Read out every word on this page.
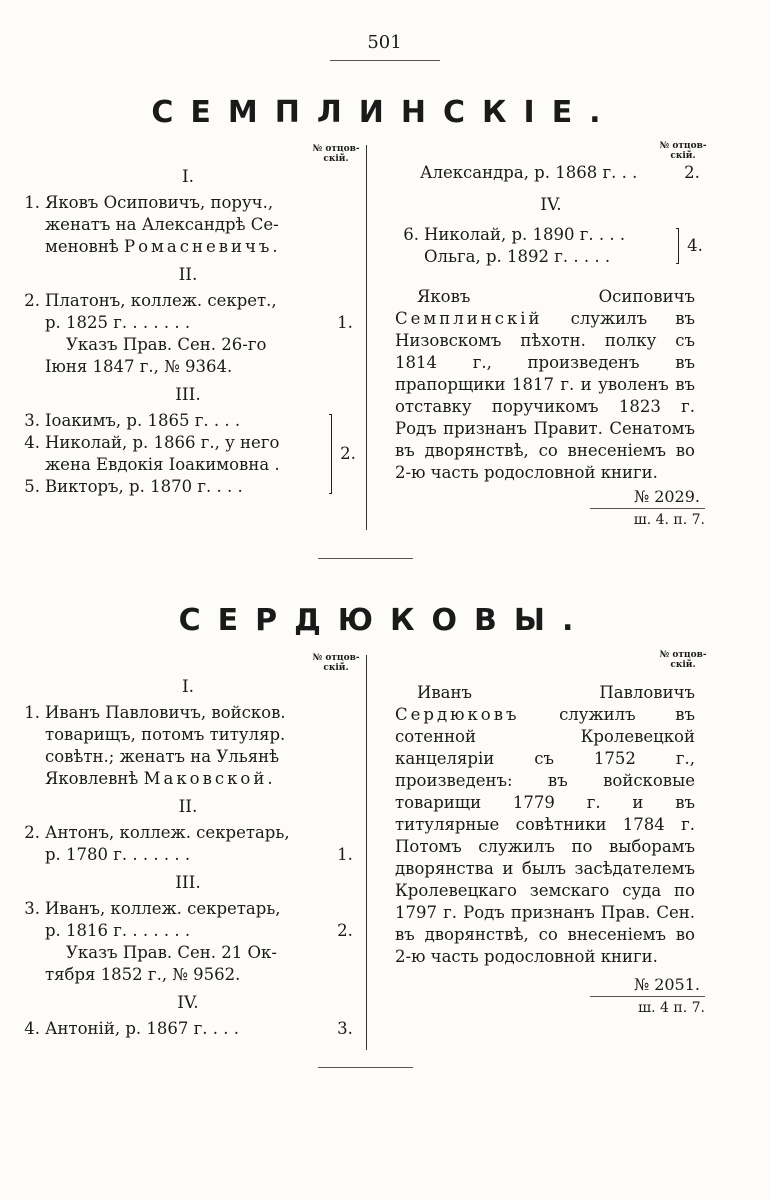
501
СЕМПЛИНСКІЕ.
№ отцов-
скій.
№ отцов-
скій.
I.
1. Яковъ Осиповичъ, поруч.,
женатъ на Александрѣ Се-
меновнѣ Ромасневичъ.
II.
2. Платонъ, коллеж. секрет.,
р. 1825 г. . . . . . .	1.
Указъ Прав. Сен. 26-го
Іюня 1847 г., № 9364.
III.
3. Іоакимъ, р. 1865 г. . . .
4. Николай, р. 1866 г., у него
жена Евдокія Іоакимовна .
5. Викторъ, р. 1870 г. . . .
2.
Александра, р. 1868 г. . .	2.
IV.
6. Николай, р. 1890 г. . . .
Ольга, р. 1892 г. . . . .
4.
Яковъ Осиповичъ Семплинскій служилъ въ Низовскомъ пѣхотн. полку съ 1814 г., произведенъ въ прапорщики 1817 г. и уволенъ въ отставку поручикомъ 1823 г. Родъ признанъ Правит. Сенатомъ въ дворянствѣ, со внесеніемъ во 2-ю часть родословной книги.
№ 2029.
ш. 4. п. 7.
СЕРДЮКОВЫ.
№ отцов-
скій.
№ отцов-
скій.
I.
1. Иванъ Павловичъ, войсков.
товарищъ, потомъ титуляр.
совѣтн.; женатъ на Ульянѣ
Яковлевнѣ Маковской.
II.
2. Антонъ, коллеж. секретарь,
р. 1780 г. . . . . . .	1.
III.
3. Иванъ, коллеж. секретарь,
р. 1816 г. . . . . . .	2.
Указъ Прав. Сен. 21 Ок-
тября 1852 г., № 9562.
IV.
4. Антоній, р. 1867 г. . . .	3.
Иванъ Павловичъ Сердюковъ служилъ въ сотенной Кролевецкой канцеляріи съ 1752 г., произведенъ: въ войсковые товарищи 1779 г. и въ титулярные совѣтники 1784 г. Потомъ служилъ по выборамъ дворянства и былъ засѣдателемъ Кролевецкаго земскаго суда по 1797 г. Родъ признанъ Прав. Сен. въ дворянствѣ, со внесеніемъ во 2-ю часть родословной книги.
№ 2051.
ш. 4 п. 7.
